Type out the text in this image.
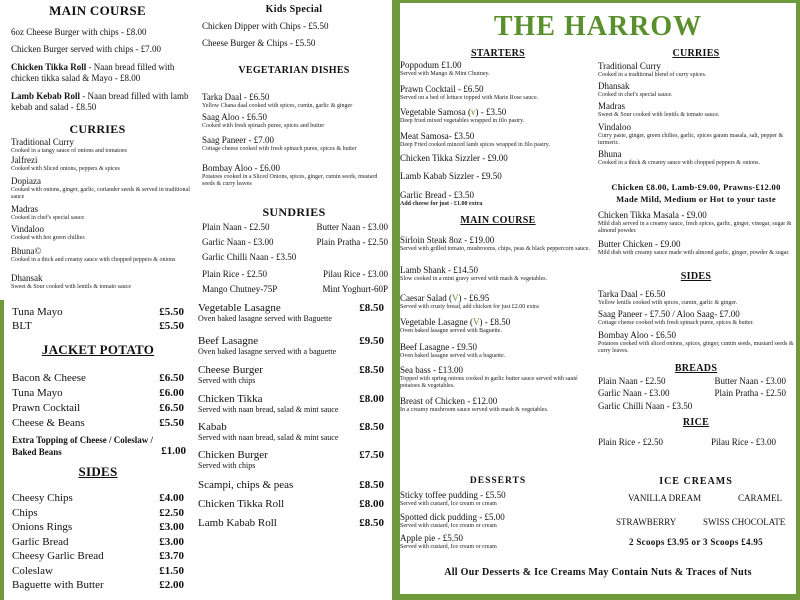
MAIN COURSE
6oz Cheese Burger with chips - £8.00
Chicken Burger served with chips - £7.00
Chicken Tikka Roll - Naan bread filled with chicken tikka salad & Mayo - £8.00
Lamb Kebab Roll - Naan bread filled with lamb kebab and salad - £8.50
CURRIES
Traditional Curry
Cooked in a tangy sauce of onions and tomatoes
Jalfrezi
Cooked with Sliced onions, peppers & spices
Dopiaza
Cooked with onions, ginger, garlic, coriander seeds & served in traditional sauce
Madras
Cooked in chef's special sauce
Vindaloo
Cooked with hot green chillies
Bhuna©
Cooked in a thick and creamy sauce with chopped peppers & onions
Dhansak
Sweet & Sour cooked with lentils & tomato sauce
Kids Special
Chicken Dipper with Chips - £5.50
Cheese Burger & Chips - £5.50
VEGETARIAN DISHES
Tarka Daal - £6.50
Yellow Chana daal cooked with spices, cumin, garlic & ginger
Saag Aloo - £6.50
Cooked with fresh spinach puree, spices and butter
Saag Paneer - £7.00
Cottage cheese cooked with fresh spinach puree, spices & butter
Bombay Aloo - £6.00
Potatoes cooked in a Sliced Onions, spices, ginger, cumin seeds, mustard seeds & curry leaves
SUNDRIES
Plain Naan - £2.50	Butter Naan - £3.00
Garlic Naan - £3.00	Plain Pratha - £2.50
Garlic Chilli Naan - £3.50
Plain Rice - £2.50	Pilau Rice - £3.00
Mango Chutney-75P	Mint Yoghurt-60P
Tuna Mayo	£5.50
BLT	£5.50
JACKET POTATO
Bacon & Cheese	£6.50
Tuna Mayo	£6.00
Prawn Cocktail	£6.50
Cheese & Beans	£5.50
Extra Topping of Cheese / Coleslaw / Baked Beans	£1.00
SIDES
Cheesy Chips	£4.00
Chips	£2.50
Onions Rings	£3.00
Garlic Bread	£3.00
Cheesy Garlic Bread	£3.70
Coleslaw	£1.50
Baguette with Butter	£2.00
Vegetable Lasagne	£8.50
Oven baked lasagne served with Baguette
Beef Lasagne	£9.50
Oven baked lasagne served with a baguette
Cheese Burger	£8.50
Served with chips
Chicken Tikka	£8.00
Served with naan bread, salad & mint sauce
Kabab	£8.50
Served with naan bread, salad & mint sauce
Chicken Burger	£7.50
Served with chips
Scampi, chips & peas	£8.50
Chicken Tikka Roll	£8.00
Lamb Kabab Roll	£8.50
THE HARROW
STARTERS
Poppodum £1.00
Served with Mango & Mint Chutney.
Prawn Cocktail - £6.50
Served on a bed of lettuce topped with Marie Rose sauce.
Vegetable Samosa (v) - £3.50
Deep fried mixed vegetables wrapped in filo pastry.
Meat Samosa- £3.50
Deep Fried cooked minced lamb spices wrapped in filo pastry.
Chicken Tikka Sizzler - £9.00
Lamb Kabab Sizzler - £9.50
Garlic Bread - £3.50
Add cheese for just - £1.00 extra
MAIN COURSE
Sirloin Steak 8oz - £19.00
Served with grilled tomato, mushrooms, chips, peas & black peppercorn sauce.
Lamb Shank - £14.50
Slow cooked in a mint gravy served with mash & vegetables.
Caesar Salad (V) - £6.95
Served with crusty bread, add chicken for just £2.00 extra
Vegetable Lasagne (V) - £8.50
Oven baked lasagne served with Baguette.
Beef Lasagne - £9.50
Oven baked lasagne served with a baguette.
Sea bass - £13.00
Topped with spring onions cooked in garlic butter sauce served with sauté potatoes & vegetables.
Breast of Chicken - £12.00
In a creamy mushroom sauce served with mash & vegetables.
CURRIES
Traditional Curry
Cooked in a traditional blend of curry spices.
Dhansak
Cooked in chef's special sauce.
Madras
Sweet & Sour cooked with lentils & tomato sauce.
Vindaloo
Curry paste, ginger, green chilies, garlic, spices garam masala, salt, pepper & turmeric.
Bhuna
Cooked in a thick & creamy sauce with chopped peppers & onions.
Chicken £8.00, Lamb-£9.00, Prawns-£12.00
Made Mild, Medium or Hot to your taste
Chicken Tikka Masala - £9.00
Mild dish served in a creamy sauce, fresh spices, garlic, ginger, vinegar, sugar & almond powder.
Butter Chicken - £9.00
Mild dish with creamy sauce made with almond garlic, ginger, powder & sugar.
SIDES
Tarka Daal - £6.50
Yellow lentils cooked with spices, cumin, garlic & ginger.
Saag Paneer - £7.50 / Aloo Saag- £7.00
Cottage cheese cooked with fresh spinach puree, spices & butter.
Bombay Aloo - £6.50
Potatoes cooked with sliced onions, spices, ginger, cumin seeds, mustard seeds & curry leaves.
BREADS
Plain Naan - £2.50	Butter Naan - £3.00
Garlic Naan - £3.00	Plain Pratha - £2.50
Garlic Chilli Naan - £3.50
RICE
Plain Rice - £2.50	Pilau Rice - £3.00
DESSERTS
Sticky toffee pudding - £5.50
Served with custard, Ice cream or cream
Spotted dick pudding - £5.00
Served with custard, Ice cream or cream
Apple pie - £5.50
Served with custard, Ice cream or cream
ICE CREAMS
VANILLA DREAM	CARAMEL
STRAWBERRY	SWISS CHOCOLATE
2 Scoops £3.95 or 3 Scoops £4.95
All Our Desserts & Ice Creams May Contain Nuts & Traces of Nuts
